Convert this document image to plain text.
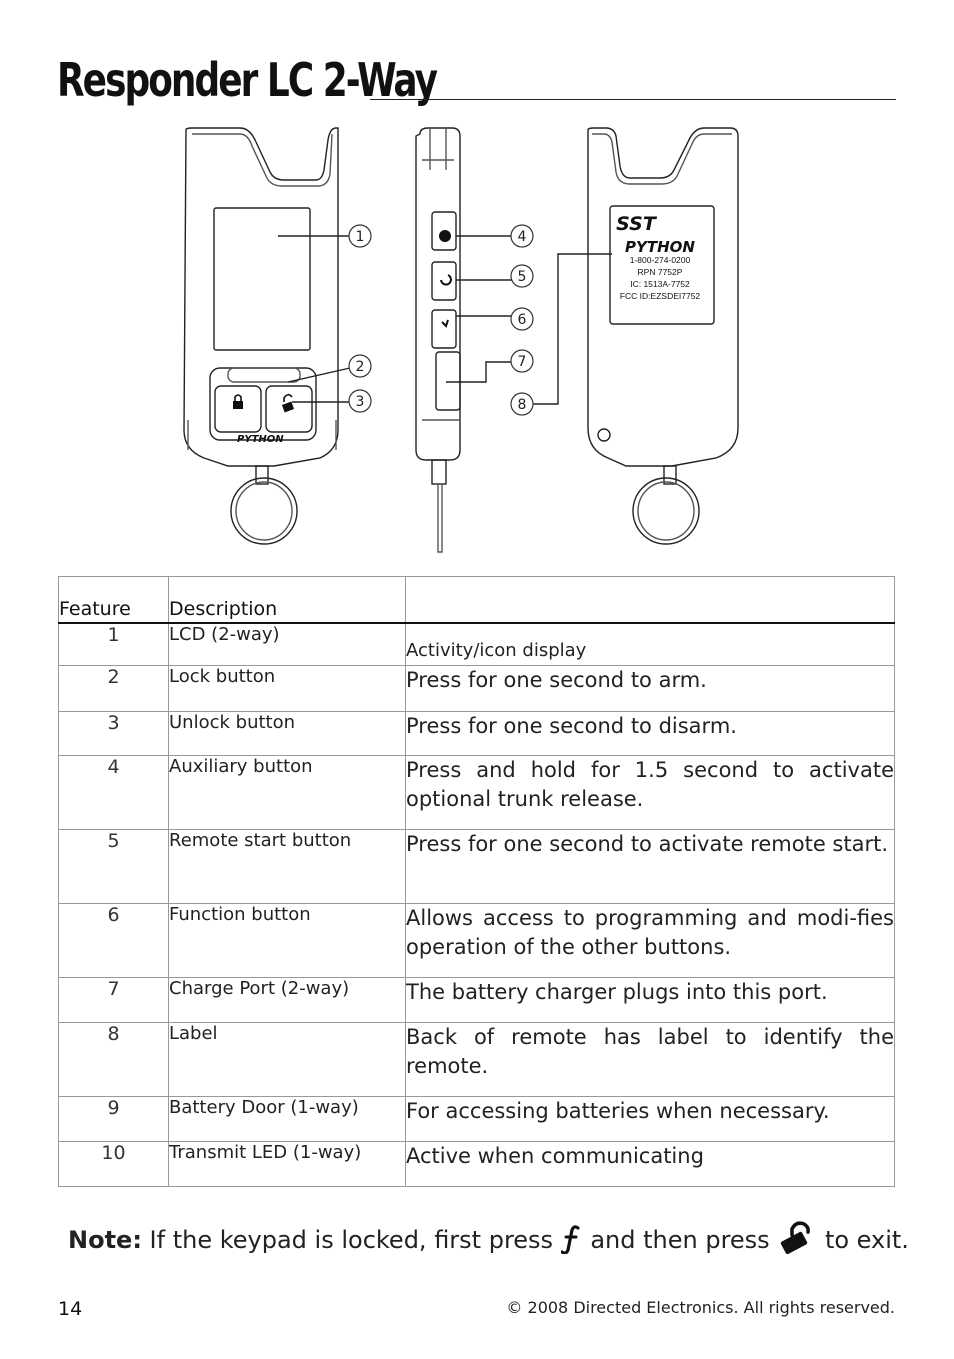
Responder LC 2-Way
PYTHON
1
2
3
4
5
6
7
8
SST
PYTHON
1-800-274-0200
RPN 7752P
IC: 1513A-7752
FCC ID:EZSDEI7752
Feature	Description	
1	LCD (2-way)	Activity/icon display
2	Lock button	Press for one second to arm.
3	Unlock button	Press for one second to disarm.
4	Auxiliary button	Press and hold for 1.5 second to activate optional trunk release.
5	Remote start button	Press for one second to activate remote start.
6	Function button	Allows access to programming and modi-fies operation of the other buttons.
7	Charge Port (2-way)	The battery charger plugs into this port.
8	Label	Back of remote has label to identify the remote.
9	Battery Door (1-way)	For accessing batteries when necessary.
10	Transmit LED (1-way)	Active when communicating
Note: If the keypad is locked, first press  and then press  to exit.
14	© 2008 Directed Electronics. All rights reserved.
